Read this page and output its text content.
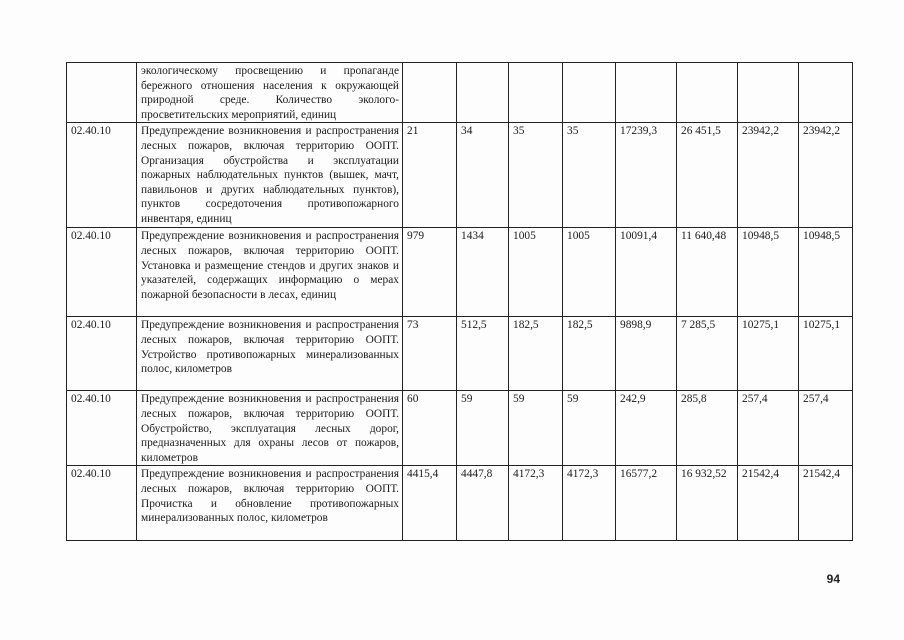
	экологическому просвещению и пропаганде бережного отношения населения к окружающей природной среде. Количество эколого-просветительских мероприятий, единиц								
02.40.10	Предупреждение возникновения и распространения лесных пожаров, включая территорию ООПТ. Организация обустройства и эксплуатации пожарных наблюдательных пунктов (вышек, мачт, павильонов и других наблюдательных пунктов), пунктов сосредоточения противопожарного инвентаря, единиц	21	34	35	35	17239,3	26 451,5	23942,2	23942,2
02.40.10	Предупреждение возникновения и распространения лесных пожаров, включая территорию ООПТ. Установка и размещение стендов и других знаков и указателей, содержащих информацию о мерах пожарной безопасности в лесах, единиц	979	1434	1005	1005	10091,4	11 640,48	10948,5	10948,5
02.40.10	Предупреждение возникновения и распространения лесных пожаров, включая территорию ООПТ. Устройство противопожарных минерализованных полос, километров	73	512,5	182,5	182,5	9898,9	7 285,5	10275,1	10275,1
02.40.10	Предупреждение возникновения и распространения лесных пожаров, включая территорию ООПТ. Обустройство, эксплуатация лесных дорог, предназначенных для охраны лесов от пожаров, километров	60	59	59	59	242,9	285,8	257,4	257,4
02.40.10	Предупреждение возникновения и распространения лесных пожаров, включая территорию ООПТ. Прочистка и обновление противопожарных минерализованных полос, километров	4415,4	4447,8	4172,3	4172,3	16577,2	16 932,52	21542,4	21542,4
94
